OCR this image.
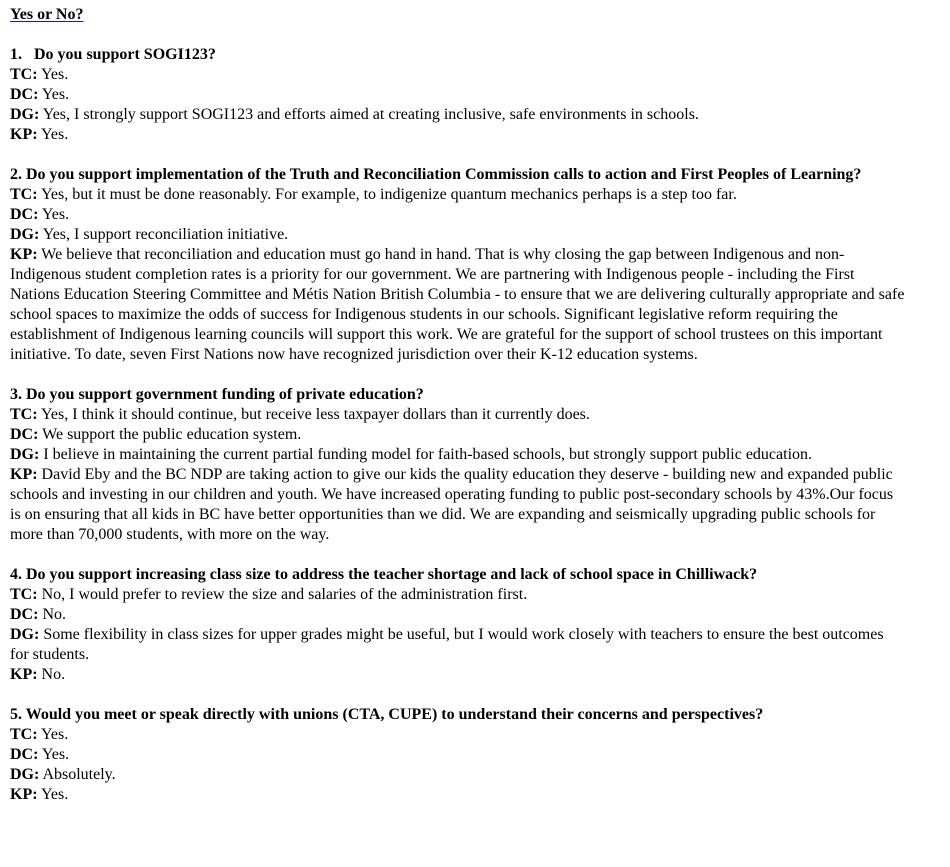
Yes or No?

1. Do you support SOGI123?

TC: Yes.

DC: Yes.

DG: Yes, I strongly support SOGI123 and efforts aimed at creating inclusive, safe environments in schools.

KP: Yes.

2. Do you support implementation of the Truth and Reconciliation Commission calls to action and First Peoples of Learning?

TC: Yes, but it must be done reasonably. For example, to indigenize quantum mechanics perhaps is a step too far.

DC: Yes.

DG: Yes, I support reconciliation initiative.

KP: We believe that reconciliation and education must go hand in hand. That is why closing the gap between Indigenous and non-Indigenous student completion rates is a priority for our government. We are partnering with Indigenous people - including the First Nations Education Steering Committee and Métis Nation British Columbia - to ensure that we are delivering culturally appropriate and safe school spaces to maximize the odds of success for Indigenous students in our schools. Significant legislative reform requiring the establishment of Indigenous learning councils will support this work. We are grateful for the support of school trustees on this important initiative. To date, seven First Nations now have recognized jurisdiction over their K-12 education systems.

3. Do you support government funding of private education?

TC: Yes, I think it should continue, but receive less taxpayer dollars than it currently does.

DC: We support the public education system.

DG: I believe in maintaining the current partial funding model for faith-based schools, but strongly support public education.

KP: David Eby and the BC NDP are taking action to give our kids the quality education they deserve - building new and expanded public schools and investing in our children and youth. We have increased operating funding to public post-secondary schools by 43%.Our focus is on ensuring that all kids in BC have better opportunities than we did. We are expanding and seismically upgrading public schools for more than 70,000 students, with more on the way.

4. Do you support increasing class size to address the teacher shortage and lack of school space in Chilliwack?

TC: No, I would prefer to review the size and salaries of the administration first.

DC: No.

DG: Some flexibility in class sizes for upper grades might be useful, but I would work closely with teachers to ensure the best outcomes for students.

KP: No.

5. Would you meet or speak directly with unions (CTA, CUPE) to understand their concerns and perspectives?

TC: Yes.

DC: Yes.

DG: Absolutely.

KP: Yes.
